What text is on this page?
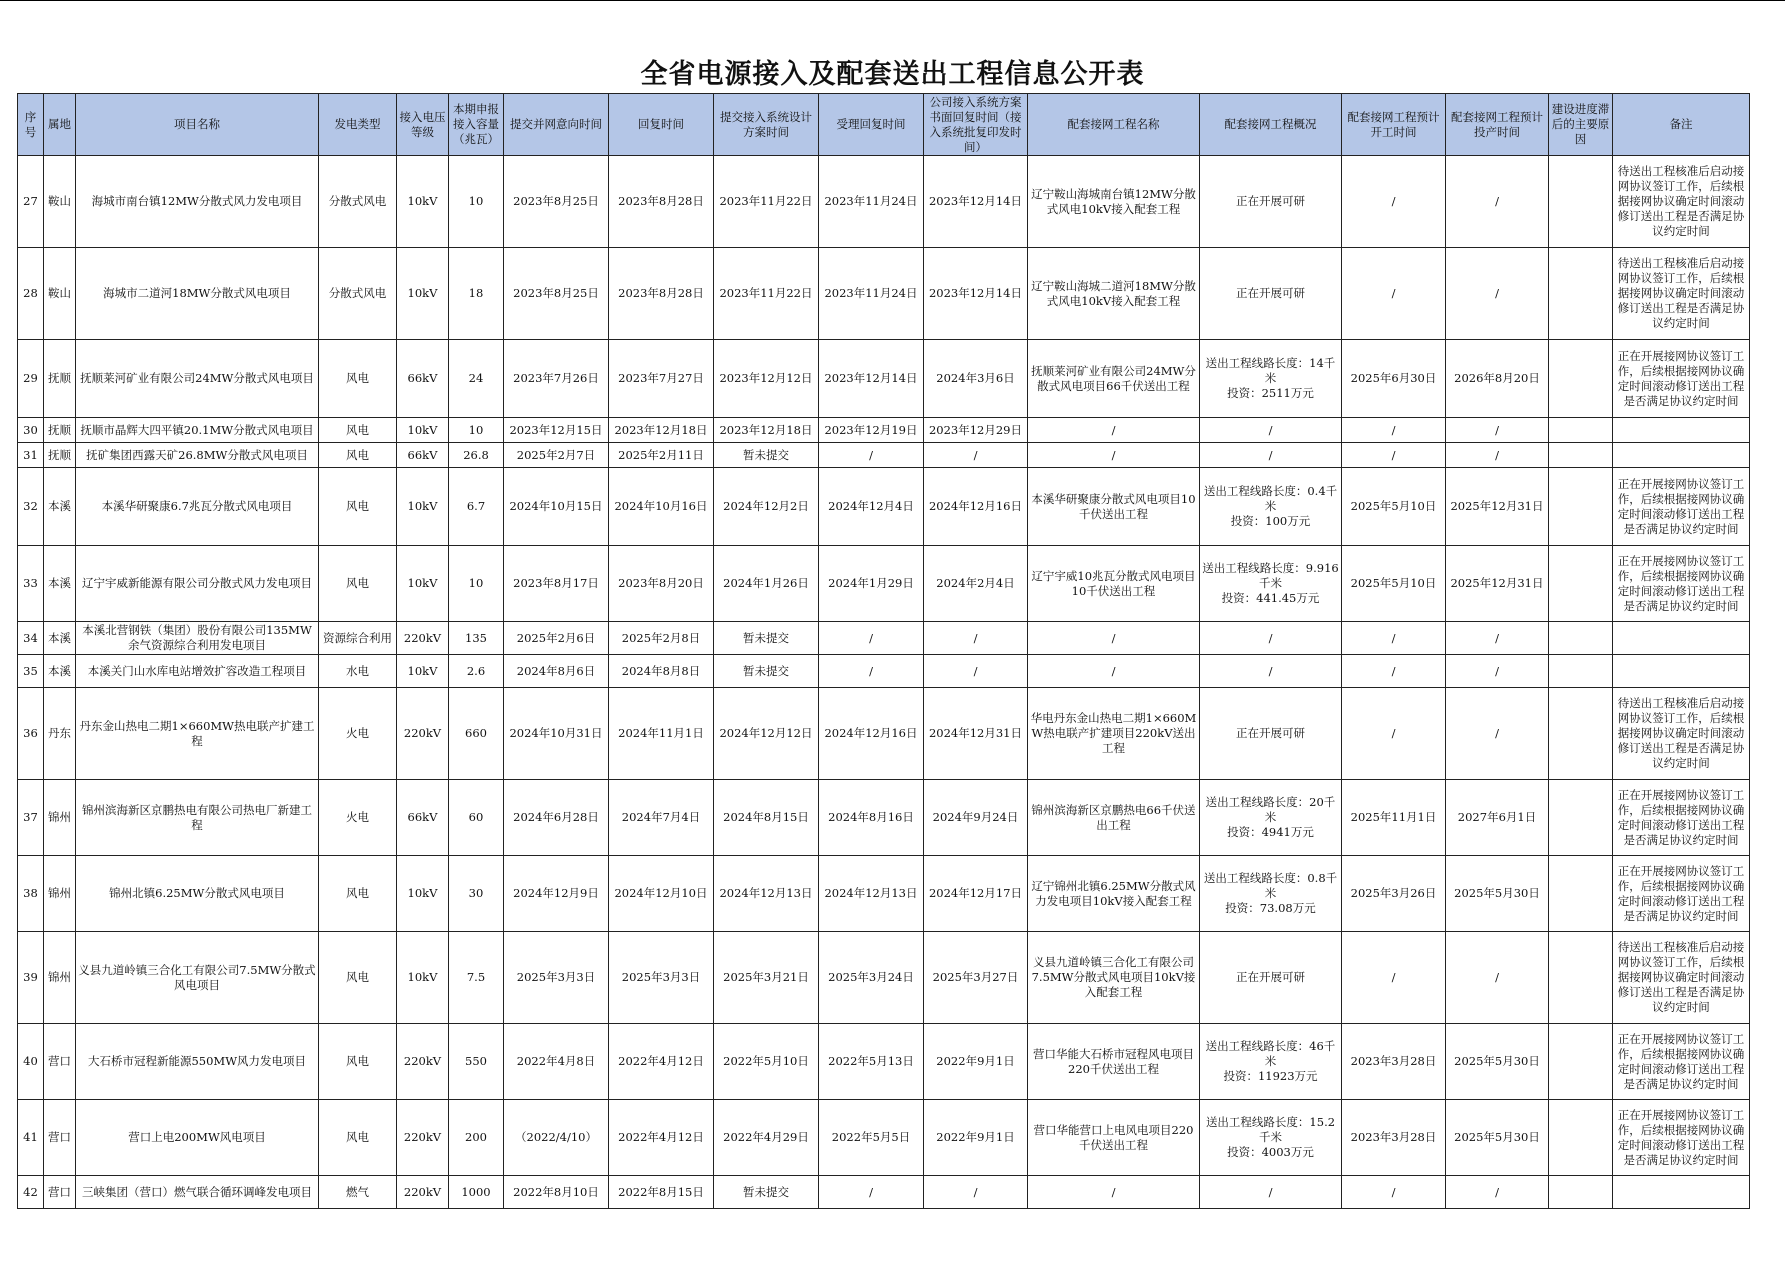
全省电源接入及配套送出工程信息公开表
序号	属地	项目名称	发电类型	接入电压等级	本期申报接入容量（兆瓦）	提交并网意向时间	回复时间	提交接入系统设计方案时间	受理回复时间	公司接入系统方案书面回复时间（接入系统批复印发时间）	配套接网工程名称	配套接网工程概况	配套接网工程预计开工时间	配套接网工程预计投产时间	建设进度滞后的主要原因	备注
27	鞍山	海城市南台镇12MW分散式风力发电项目	分散式风电	10kV	10	2023年8月25日	2023年8月28日	2023年11月22日	2023年11月24日	2023年12月14日	辽宁鞍山海城南台镇12MW分散式风电10kV接入配套工程	正在开展可研	/	/		待送出工程核准后启动接网协议签订工作，后续根据接网协议确定时间滚动修订送出工程是否满足协议约定时间
28	鞍山	海城市二道河18MW分散式风电项目	分散式风电	10kV	18	2023年8月25日	2023年8月28日	2023年11月22日	2023年11月24日	2023年12月14日	辽宁鞍山海城二道河18MW分散式风电10kV接入配套工程	正在开展可研	/	/		待送出工程核准后启动接网协议签订工作，后续根据接网协议确定时间滚动修订送出工程是否满足协议约定时间
29	抚顺	抚顺莱河矿业有限公司24MW分散式风电项目	风电	66kV	24	2023年7月26日	2023年7月27日	2023年12月12日	2023年12月14日	2024年3月6日	抚顺莱河矿业有限公司24MW分散式风电项目66千伏送出工程	送出工程线路长度：14千米
投资：2511万元	2025年6月30日	2026年8月20日		正在开展接网协议签订工作，后续根据接网协议确定时间滚动修订送出工程是否满足协议约定时间
30	抚顺	抚顺市晶辉大四平镇20.1MW分散式风电项目	风电	10kV	10	2023年12月15日	2023年12月18日	2023年12月18日	2023年12月19日	2023年12月29日	/	/	/	/		
31	抚顺	抚矿集团西露天矿26.8MW分散式风电项目	风电	66kV	26.8	2025年2月7日	2025年2月11日	暂未提交	/	/	/	/	/	/		
32	本溪	本溪华研聚康6.7兆瓦分散式风电项目	风电	10kV	6.7	2024年10月15日	2024年10月16日	2024年12月2日	2024年12月4日	2024年12月16日	本溪华研聚康分散式风电项目10千伏送出工程	送出工程线路长度：0.4千米
投资：100万元	2025年5月10日	2025年12月31日		正在开展接网协议签订工作，后续根据接网协议确定时间滚动修订送出工程是否满足协议约定时间
33	本溪	辽宁宇威新能源有限公司分散式风力发电项目	风电	10kV	10	2023年8月17日	2023年8月20日	2024年1月26日	2024年1月29日	2024年2月4日	辽宁宇威10兆瓦分散式风电项目10千伏送出工程	送出工程线路长度：9.916千米
投资：441.45万元	2025年5月10日	2025年12月31日		正在开展接网协议签订工作，后续根据接网协议确定时间滚动修订送出工程是否满足协议约定时间
34	本溪	本溪北营钢铁（集团）股份有限公司135MW余气资源综合利用发电项目	资源综合利用	220kV	135	2025年2月6日	2025年2月8日	暂未提交	/	/	/	/	/	/		
35	本溪	本溪关门山水库电站增效扩容改造工程项目	水电	10kV	2.6	2024年8月6日	2024年8月8日	暂未提交	/	/	/	/	/	/		
36	丹东	丹东金山热电二期1×660MW热电联产扩建工程	火电	220kV	660	2024年10月31日	2024年11月1日	2024年12月12日	2024年12月16日	2024年12月31日	华电丹东金山热电二期1×660MW热电联产扩建项目220kV送出工程	正在开展可研	/	/		待送出工程核准后启动接网协议签订工作，后续根据接网协议确定时间滚动修订送出工程是否满足协议约定时间
37	锦州	锦州滨海新区京鹏热电有限公司热电厂新建工程	火电	66kV	60	2024年6月28日	2024年7月4日	2024年8月15日	2024年8月16日	2024年9月24日	锦州滨海新区京鹏热电66千伏送出工程	送出工程线路长度：20千米
投资：4941万元	2025年11月1日	2027年6月1日		正在开展接网协议签订工作，后续根据接网协议确定时间滚动修订送出工程是否满足协议约定时间
38	锦州	锦州北镇6.25MW分散式风电项目	风电	10kV	30	2024年12月9日	2024年12月10日	2024年12月13日	2024年12月13日	2024年12月17日	辽宁锦州北镇6.25MW分散式风力发电项目10kV接入配套工程	送出工程线路长度：0.8千米
投资：73.08万元	2025年3月26日	2025年5月30日		正在开展接网协议签订工作，后续根据接网协议确定时间滚动修订送出工程是否满足协议约定时间
39	锦州	义县九道岭镇三合化工有限公司7.5MW分散式风电项目	风电	10kV	7.5	2025年3月3日	2025年3月3日	2025年3月21日	2025年3月24日	2025年3月27日	义县九道岭镇三合化工有限公司7.5MW分散式风电项目10kV接入配套工程	正在开展可研	/	/		待送出工程核准后启动接网协议签订工作，后续根据接网协议确定时间滚动修订送出工程是否满足协议约定时间
40	营口	大石桥市冠程新能源550MW风力发电项目	风电	220kV	550	2022年4月8日	2022年4月12日	2022年5月10日	2022年5月13日	2022年9月1日	营口华能大石桥市冠程风电项目220千伏送出工程	送出工程线路长度：46千米
投资：11923万元	2023年3月28日	2025年5月30日		正在开展接网协议签订工作，后续根据接网协议确定时间滚动修订送出工程是否满足协议约定时间
41	营口	营口上电200MW风电项目	风电	220kV	200	（2022/4/10）	2022年4月12日	2022年4月29日	2022年5月5日	2022年9月1日	营口华能营口上电风电项目220千伏送出工程	送出工程线路长度：15.2千米
投资：4003万元	2023年3月28日	2025年5月30日		正在开展接网协议签订工作，后续根据接网协议确定时间滚动修订送出工程是否满足协议约定时间
42	营口	三峡集团（营口）燃气联合循环调峰发电项目	燃气	220kV	1000	2022年8月10日	2022年8月15日	暂未提交	/	/	/	/	/	/		
